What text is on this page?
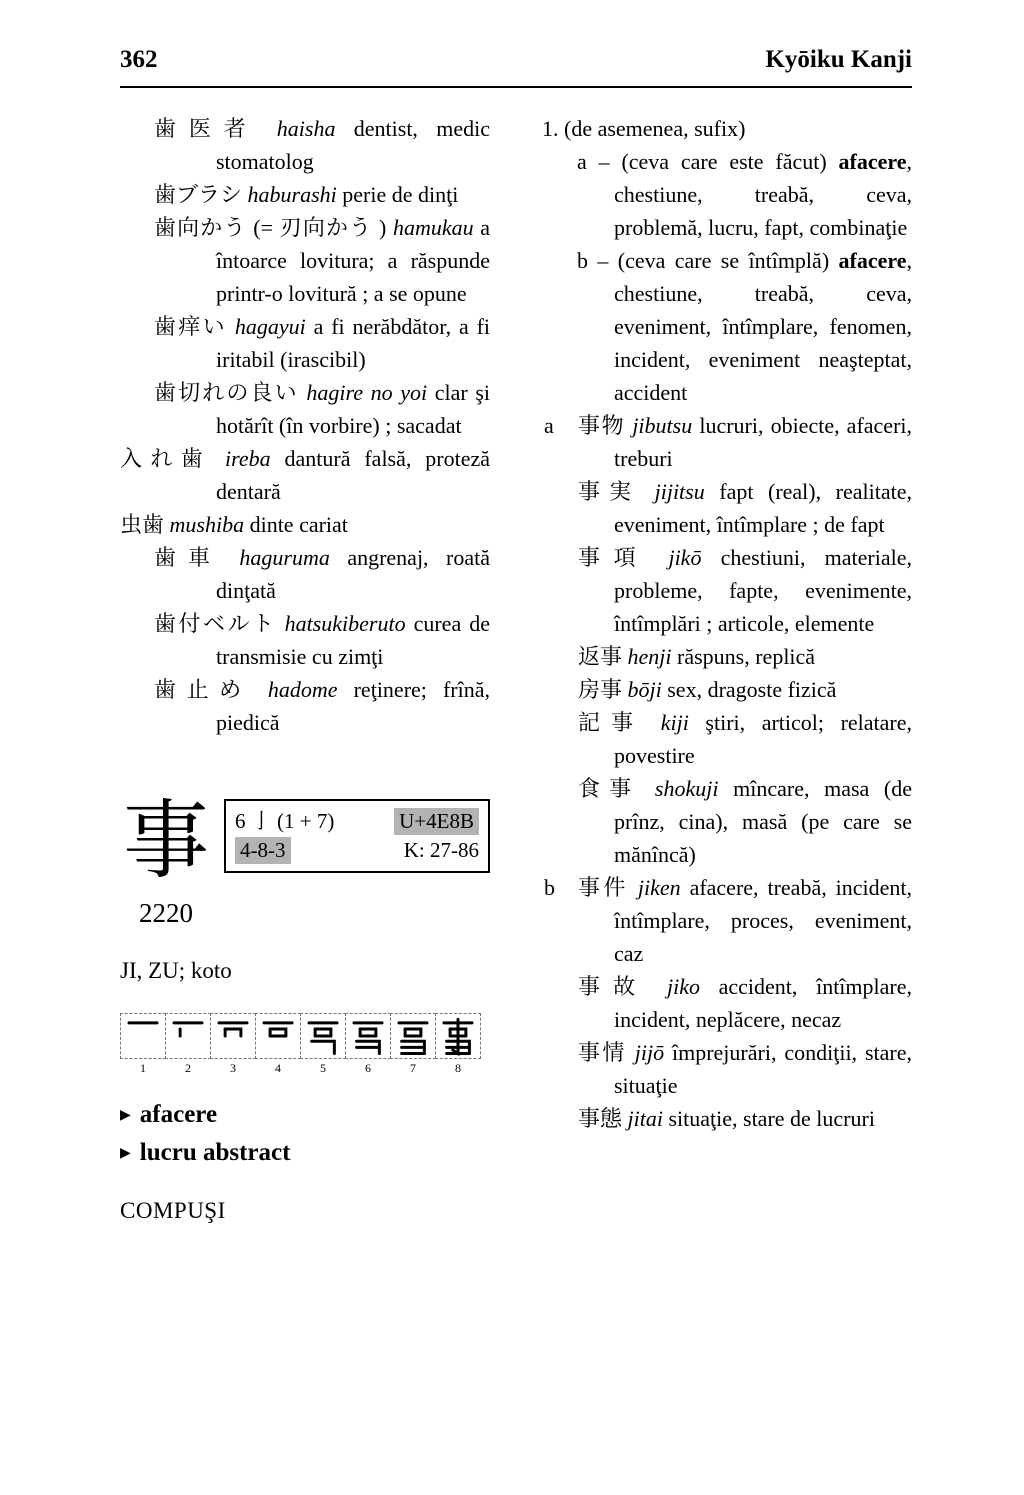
362	Kyōiku Kanji

歯医者 haisha dentist, medic stomatolog

歯ブラシ haburashi perie de dinţi

歯向かう (= 刃向かう ) hamukau a întoarce lovitura; a răspunde printr-o lovitură ; a se opune

歯痒い hagayui a fi nerăbdător, a fi iritabil (irascibil)

歯切れの良い hagire no yoi clar şi hotărît (în vorbire) ; sacadat

入れ歯 ireba dantură falsă, proteză dentară

虫歯 mushiba dinte cariat

歯車 haguruma angrenaj, roată dinţată

歯付ベルト hatsukiberuto curea de transmisie cu zimţi

歯止め hadome reţinere; frînă, piedică

事 6 亅 (1 + 7)	U+4E8B
4-8-3	K: 27-86
2220
JI, ZU; koto
1	2	3	4	5	6	7	8
▶ afacere
▶ lucru abstract
COMPUŞI

1. (de asemenea, sufix)

a – (ceva care este făcut) afacere, chestiune, treabă, ceva, problemă, lucru, fapt, combinaţie

b – (ceva care se întîmplă) afacere, chestiune, treabă, ceva, eveniment, întîmplare, fenomen, incident, eveniment neaşteptat, accident

a 事物 jibutsu lucruri, obiecte, afaceri, treburi

事実 jijitsu fapt (real), realitate, eveniment, întîmplare ; de fapt

事項 jikō chestiuni, materiale, probleme, fapte, evenimente, întîmplări ; articole, elemente

返事 henji răspuns, replică

房事 bōji sex, dragoste fizică

記事 kiji ştiri, articol; relatare, povestire

食事 shokuji mîncare, masa (de prînz, cina), masă (pe care se mănîncă)

b 事件 jiken afacere, treabă, incident, întîmplare, proces, eveniment, caz

事故 jiko accident, întîmplare, incident, neplăcere, necaz

事情 jijō împrejurări, condiţii, stare, situaţie

事態 jitai situaţie, stare de lucruri
